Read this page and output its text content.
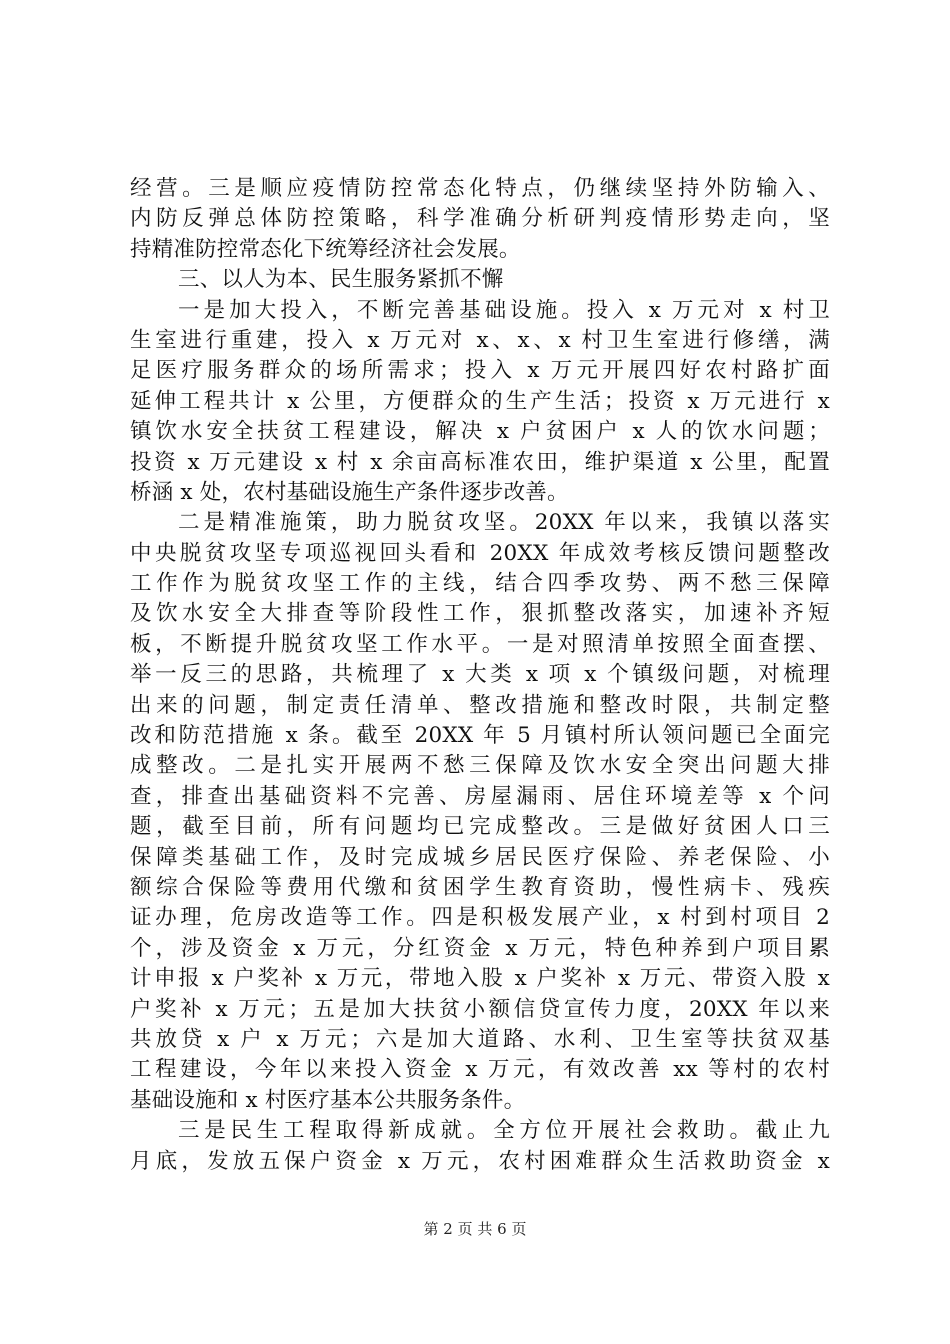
经营。三是顺应疫情防控常态化特点，仍继续坚持外防输入、
内防反弹总体防控策略，科学准确分析研判疫情形势走向，坚
持精准防控常态化下统筹经济社会发展。
三、以人为本、民生服务紧抓不懈
一是加大投入，不断完善基础设施。投入 x 万元对 x 村卫
生室进行重建，投入 x 万元对 x、x、x 村卫生室进行修缮，满
足医疗服务群众的场所需求；投入 x 万元开展四好农村路扩面
延伸工程共计 x 公里，方便群众的生产生活；投资 x 万元进行 x
镇饮水安全扶贫工程建设，解决 x 户贫困户 x 人的饮水问题；
投资 x 万元建设 x 村 x 余亩高标准农田，维护渠道 x 公里，配置
桥涵 x 处，农村基础设施生产条件逐步改善。
二是精准施策，助力脱贫攻坚。20XX 年以来，我镇以落实
中央脱贫攻坚专项巡视回头看和 20XX 年成效考核反馈问题整改
工作作为脱贫攻坚工作的主线，结合四季攻势、两不愁三保障
及饮水安全大排查等阶段性工作，狠抓整改落实，加速补齐短
板，不断提升脱贫攻坚工作水平。一是对照清单按照全面查摆、
举一反三的思路，共梳理了 x 大类 x 项 x 个镇级问题，对梳理
出来的问题，制定责任清单、整改措施和整改时限，共制定整
改和防范措施 x 条。截至 20XX 年 5 月镇村所认领问题已全面完
成整改。二是扎实开展两不愁三保障及饮水安全突出问题大排
查，排查出基础资料不完善、房屋漏雨、居住环境差等 x 个问
题，截至目前，所有问题均已完成整改。三是做好贫困人口三
保障类基础工作，及时完成城乡居民医疗保险、养老保险、小
额综合保险等费用代缴和贫困学生教育资助，慢性病卡、残疾
证办理，危房改造等工作。四是积极发展产业，x 村到村项目 2
个，涉及资金 x 万元，分红资金 x 万元，特色种养到户项目累
计申报 x 户奖补 x 万元，带地入股 x 户奖补 x 万元、带资入股 x
户奖补 x 万元；五是加大扶贫小额信贷宣传力度，20XX 年以来
共放贷 x 户 x 万元；六是加大道路、水利、卫生室等扶贫双基
工程建设，今年以来投入资金 x 万元，有效改善 xx 等村的农村
基础设施和 x 村医疗基本公共服务条件。
三是民生工程取得新成就。全方位开展社会救助。截止九
月底，发放五保户资金 x 万元，农村困难群众生活救助资金 x
第 2 页 共 6 页
